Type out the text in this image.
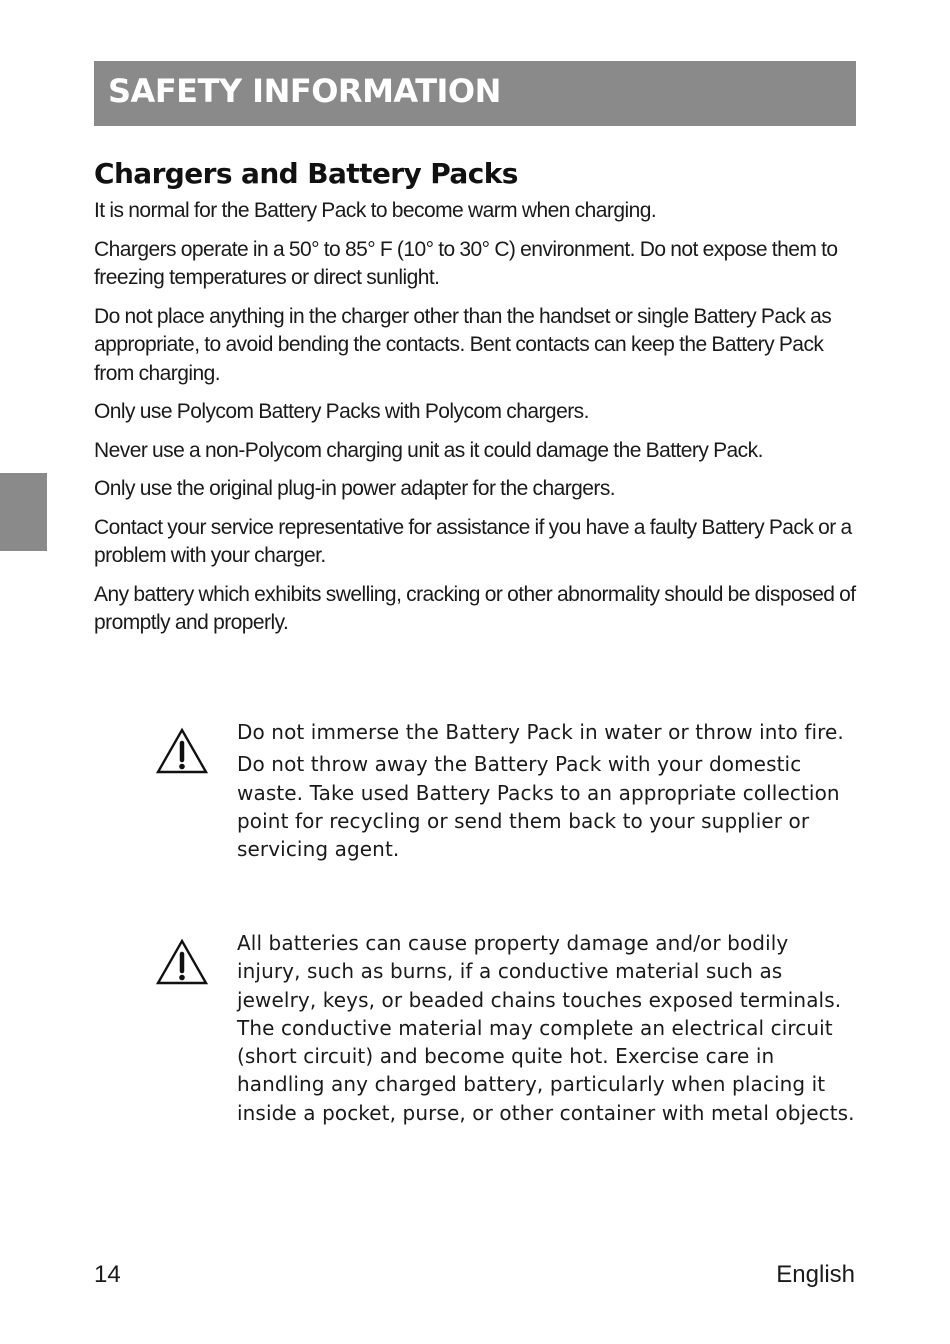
SAFETY INFORMATION
Chargers and Battery Packs

It is normal for the Battery Pack to become warm when charging.

Chargers operate in a 50° to 85° F (10° to 30° C) environment. Do not expose them to freezing temperatures or direct sunlight.

Do not place anything in the charger other than the handset or single Battery Pack as appropriate, to avoid bending the contacts. Bent contacts can keep the Battery Pack from charging.

Only use Polycom Battery Packs with Polycom chargers.

Never use a non-Polycom charging unit as it could damage the Battery Pack.

Only use the original plug-in power adapter for the chargers.

Contact your service representative for assistance if you have a faulty Battery Pack or a problem with your charger.

Any battery which exhibits swelling, cracking or other abnormality should be disposed of promptly and properly.

Do not immerse the Battery Pack in water or throw into fire.

Do not throw away the Battery Pack with your domestic waste. Take used Battery Packs to an appropriate collection point for recycling or send them back to your supplier or servicing agent.

All batteries can cause property damage and/or bodily injury, such as burns, if a conductive material such as jewelry, keys, or beaded chains touches exposed terminals. The conductive material may complete an electrical circuit (short circuit) and become quite hot. Exercise care in handling any charged battery, particularly when placing it inside a pocket, purse, or other container with metal objects.

14	English
